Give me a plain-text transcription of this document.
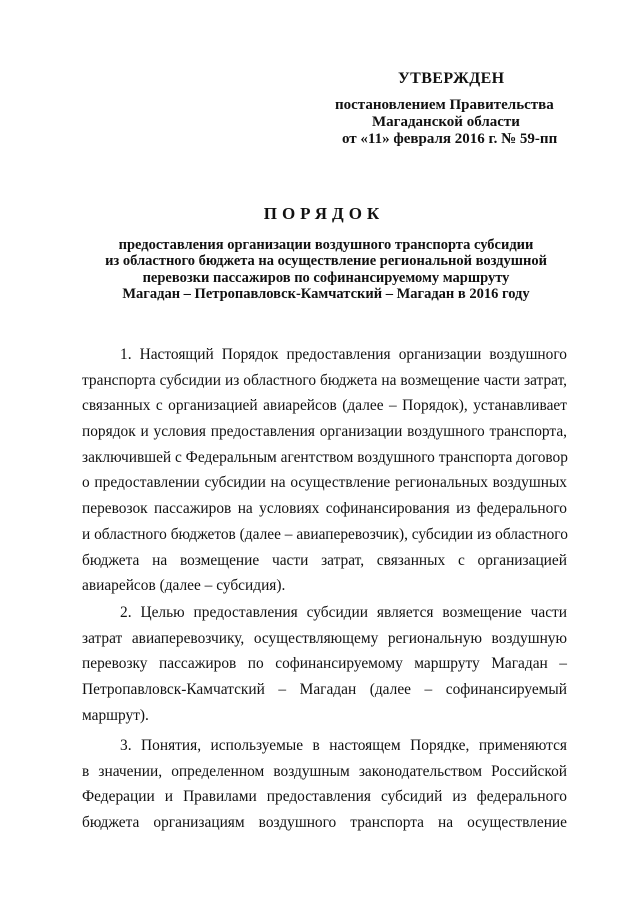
УТВЕРЖДЕН
постановлением Правительства
Магаданской области
от «11» февраля 2016 г. № 59-пп
ПОРЯДОК
предоставления организации воздушного транспорта субсидии
из областного бюджета на осуществление региональной воздушной
перевозки пассажиров по софинансируемому маршруту
Магадан – Петропавловск-Камчатский – Магадан в 2016 году
1. Настоящий Порядок предоставления организации воздушного
транспорта субсидии из областного бюджета на возмещение части затрат,
связанных с организацией авиарейсов (далее – Порядок), устанавливает
порядок и условия предоставления организации воздушного транспорта,
заключившей с Федеральным агентством воздушного транспорта договор
о предоставлении субсидии на осуществление региональных воздушных
перевозок пассажиров на условиях софинансирования из федерального
и областного бюджетов (далее – авиаперевозчик), субсидии из областного
бюджета на возмещение части затрат, связанных с организацией
авиарейсов (далее – субсидия).
2. Целью предоставления субсидии является возмещение части
затрат авиаперевозчику, осуществляющему региональную воздушную
перевозку пассажиров по софинансируемому маршруту Магадан –
Петропавловск-Камчатский – Магадан (далее – софинансируемый
маршрут).
3. Понятия, используемые в настоящем Порядке, применяются
в значении, определенном воздушным законодательством Российской
Федерации и Правилами предоставления субсидий из федерального
бюджета организациям воздушного транспорта на осуществление
